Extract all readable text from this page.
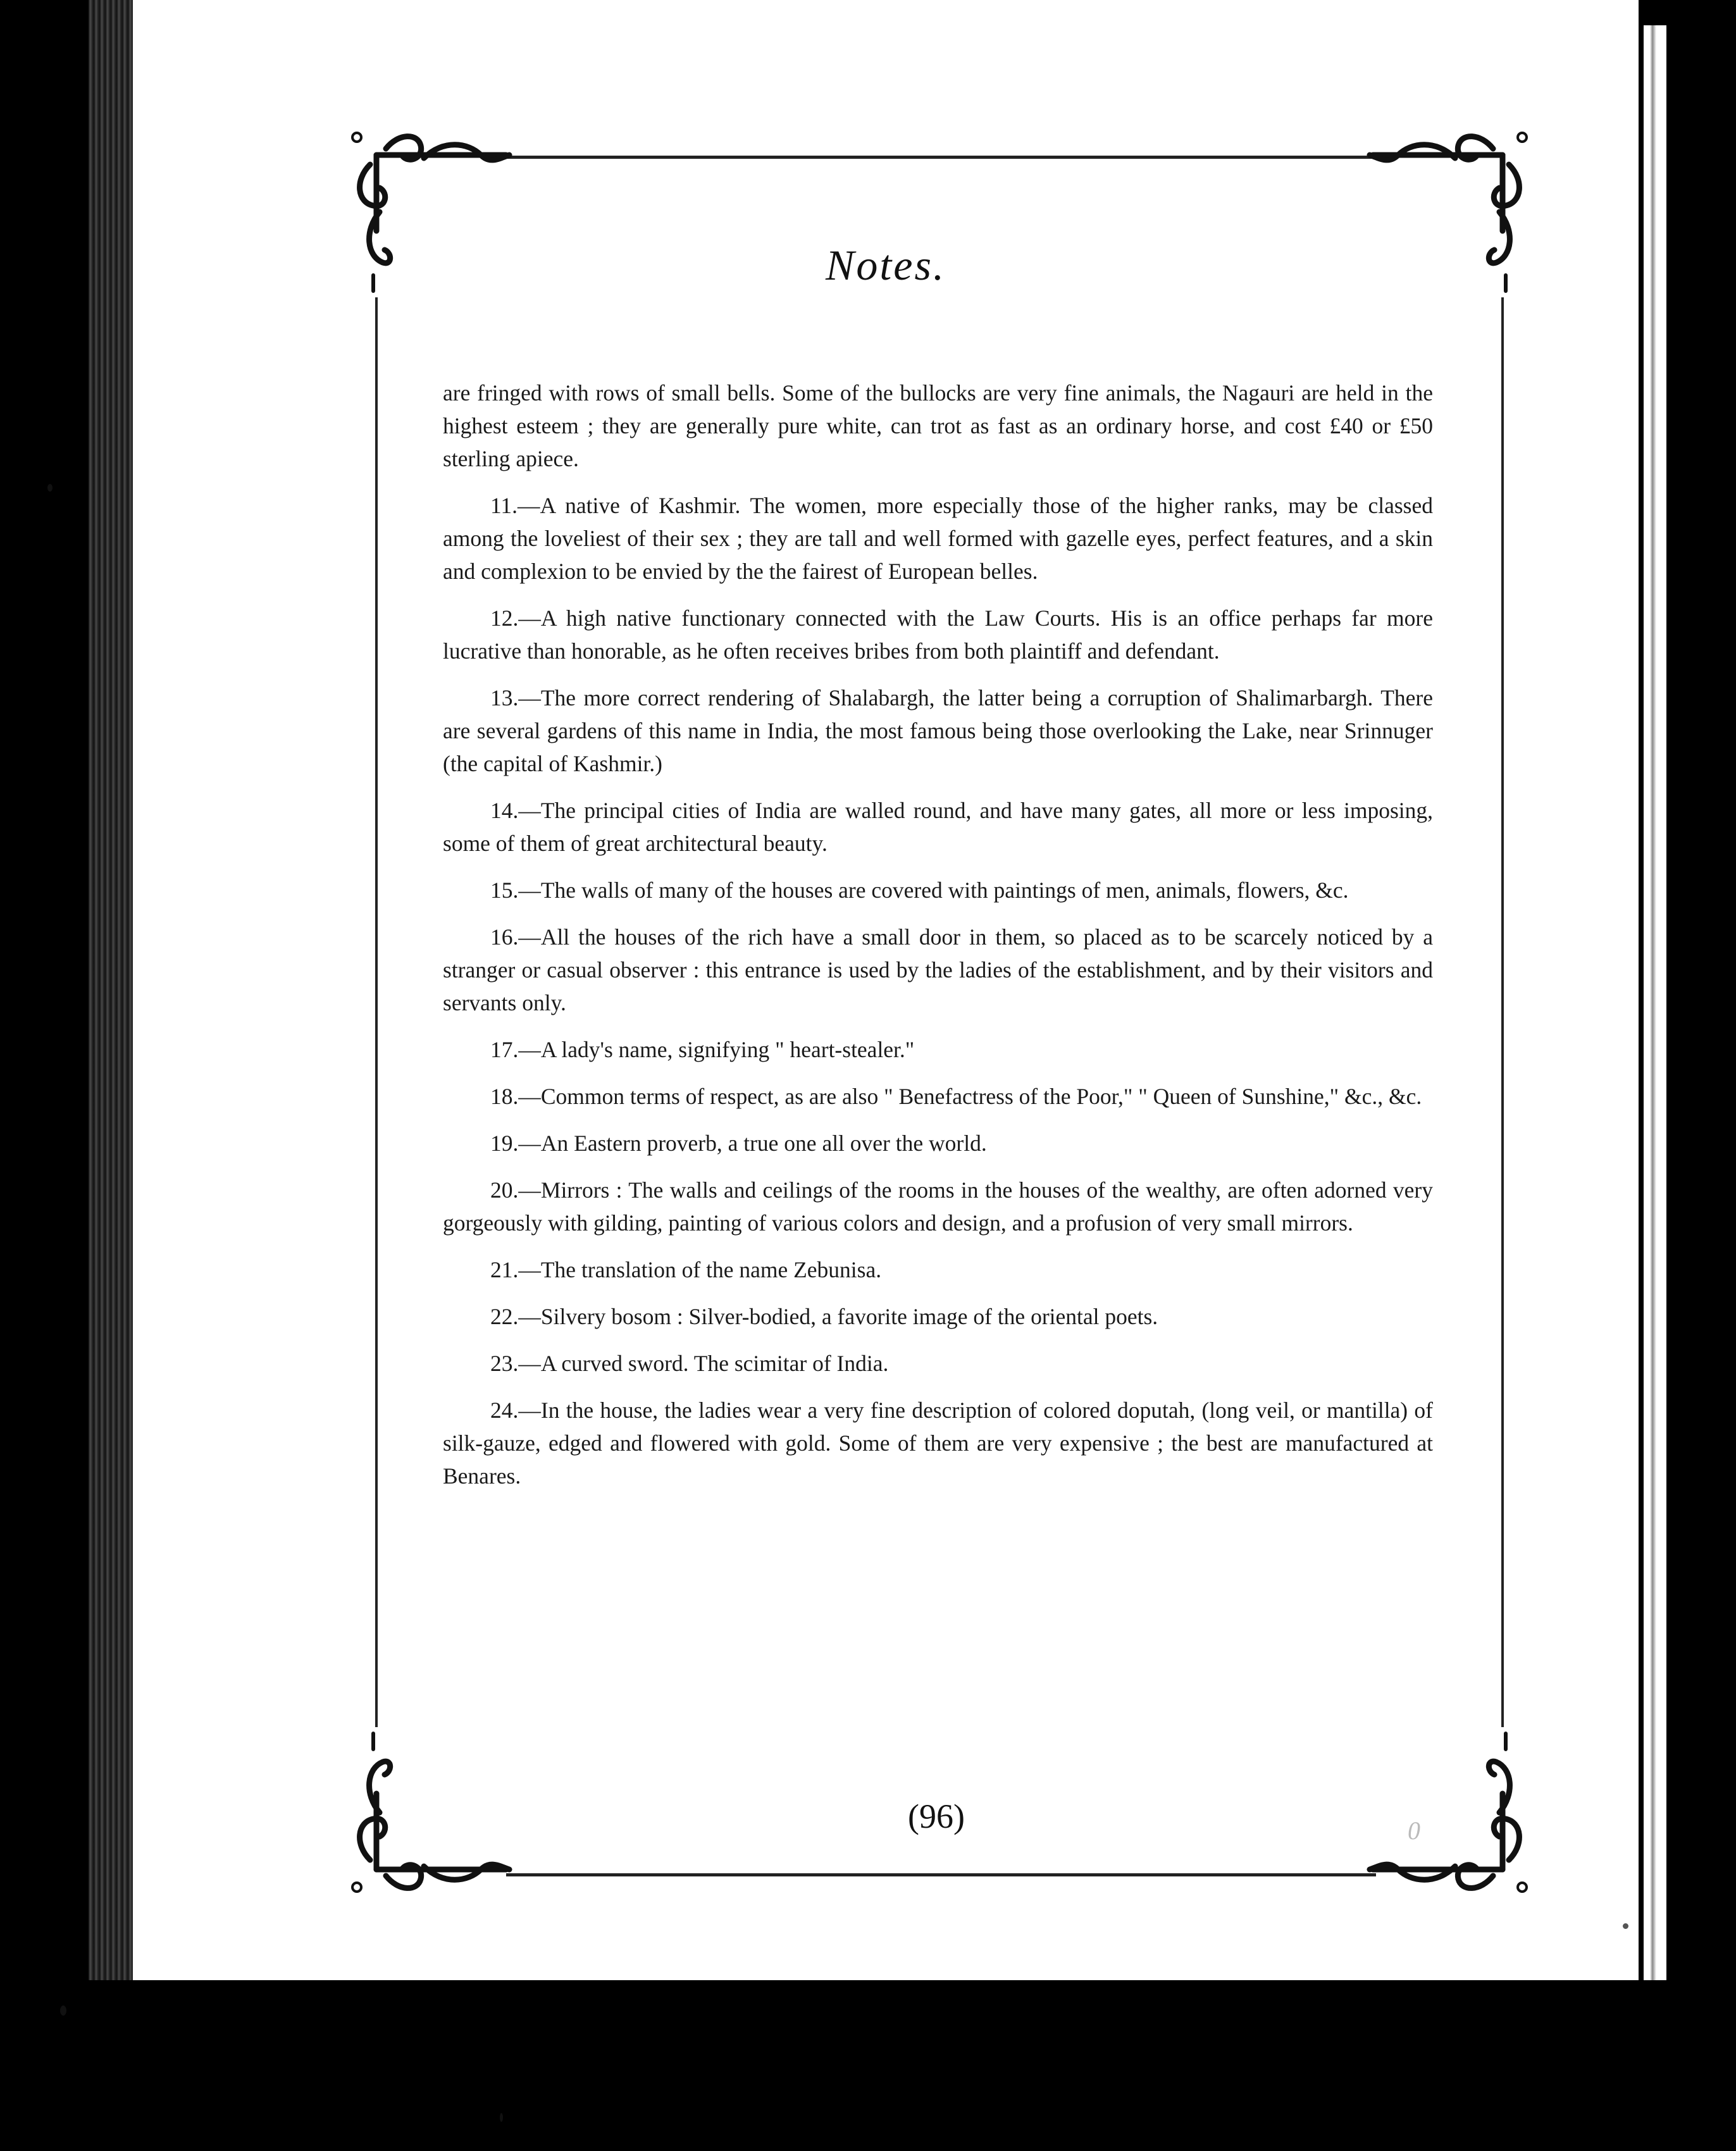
Notes.

are fringed with rows of small bells. Some of the bullocks are very fine animals, the Nagauri are held in the highest esteem ; they are generally pure white, can trot as fast as an ordinary horse, and cost £40 or £50 sterling apiece.

11.—A native of Kashmir. The women, more especially those of the higher ranks, may be classed among the loveliest of their sex ; they are tall and well formed with gazelle eyes, perfect features, and a skin and complexion to be envied by the the fairest of European belles.

12.—A high native functionary connected with the Law Courts. His is an office perhaps far more lucrative than honorable, as he often receives bribes from both plaintiff and defendant.

13.—The more correct rendering of Shalabargh, the latter being a corruption of Shalimarbargh. There are several gardens of this name in India, the most famous being those overlooking the Lake, near Srinnuger (the capital of Kashmir.)

14.—The principal cities of India are walled round, and have many gates, all more or less imposing, some of them of great architectural beauty.

15.—The walls of many of the houses are covered with paintings of men, animals, flowers, &c.

16.—All the houses of the rich have a small door in them, so placed as to be scarcely noticed by a stranger or casual observer : this entrance is used by the ladies of the establishment, and by their visitors and servants only.

17.—A lady's name, signifying " heart-stealer."

18.—Common terms of respect, as are also " Benefactress of the Poor," " Queen of Sunshine," &c., &c.

19.—An Eastern proverb, a true one all over the world.

20.—Mirrors : The walls and ceilings of the rooms in the houses of the wealthy, are often adorned very gorgeously with gilding, painting of various colors and design, and a profusion of very small mirrors.

21.—The translation of the name Zebunisa.

22.—Silvery bosom : Silver-bodied, a favorite image of the oriental poets.

23.—A curved sword. The scimitar of India.

24.—In the house, the ladies wear a very fine description of colored doputah, (long veil, or mantilla) of silk-gauze, edged and flowered with gold. Some of them are very expensive ; the best are manufactured at Benares.

(96)	0
